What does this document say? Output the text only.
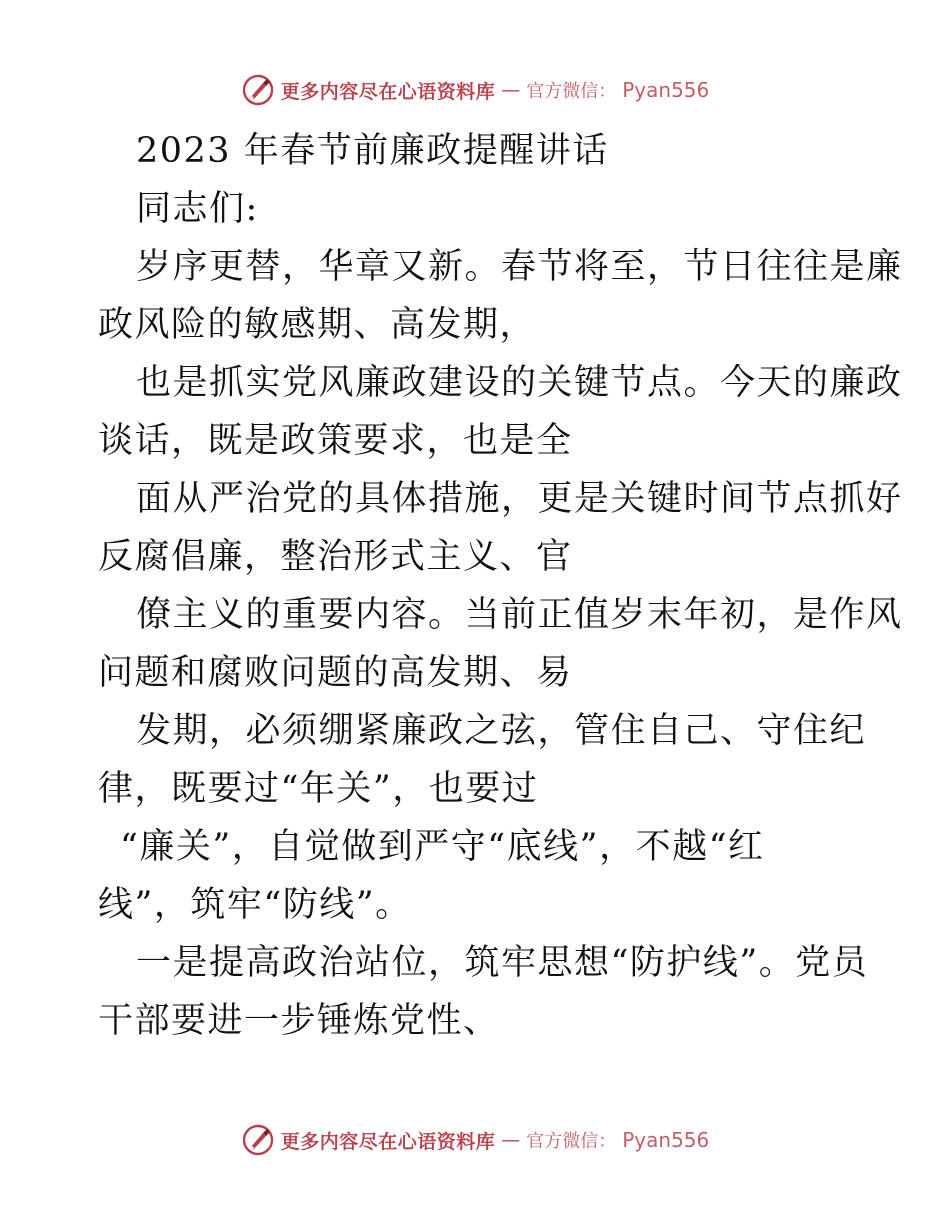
更多内容尽在心语资料库 — 官方微信： Pyan556
2023 年春节前廉政提醒讲话
同志们:
岁序更替，华章又新。春节将至，节日往往是廉
政风险的敏感期、高发期，
也是抓实党风廉政建设的关键节点。今天的廉政
谈话，既是政策要求，也是全
面从严治党的具体措施，更是关键时间节点抓好
反腐倡廉，整治形式主义、官
僚主义的重要内容。当前正值岁末年初，是作风
问题和腐败问题的高发期、易
发期，必须绷紧廉政之弦，管住自己、守住纪
律，既要过“年关”，也要过
“廉关”，自觉做到严守“底线”，不越“红
线”，筑牢“防线”。
一是提高政治站位，筑牢思想“防护线”。党员
干部要进一步锤炼党性、
更多内容尽在心语资料库 — 官方微信： Pyan556
